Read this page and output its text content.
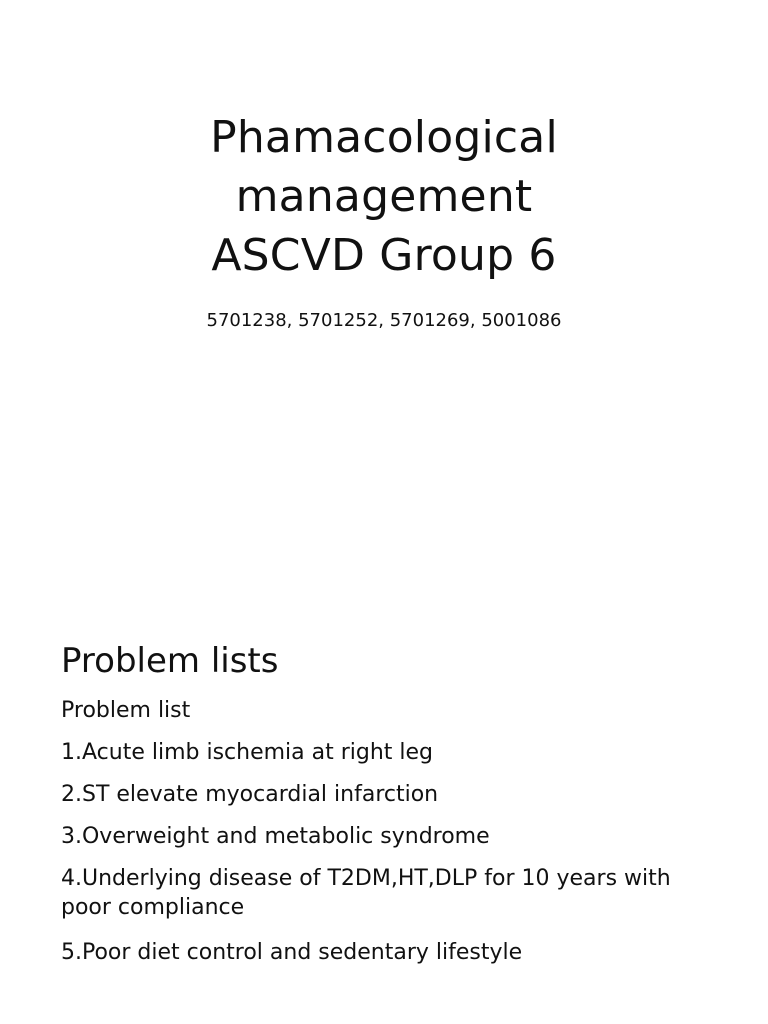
Phamacological
management
ASCVD Group 6
5701238, 5701252, 5701269, 5001086
Problem lists
Problem list
1.Acute limb ischemia at right leg
2.ST elevate myocardial infarction
3.Overweight and metabolic syndrome
4.Underlying disease of T2DM,HT,DLP for 10 years with poor compliance
5.Poor diet control and sedentary lifestyle
